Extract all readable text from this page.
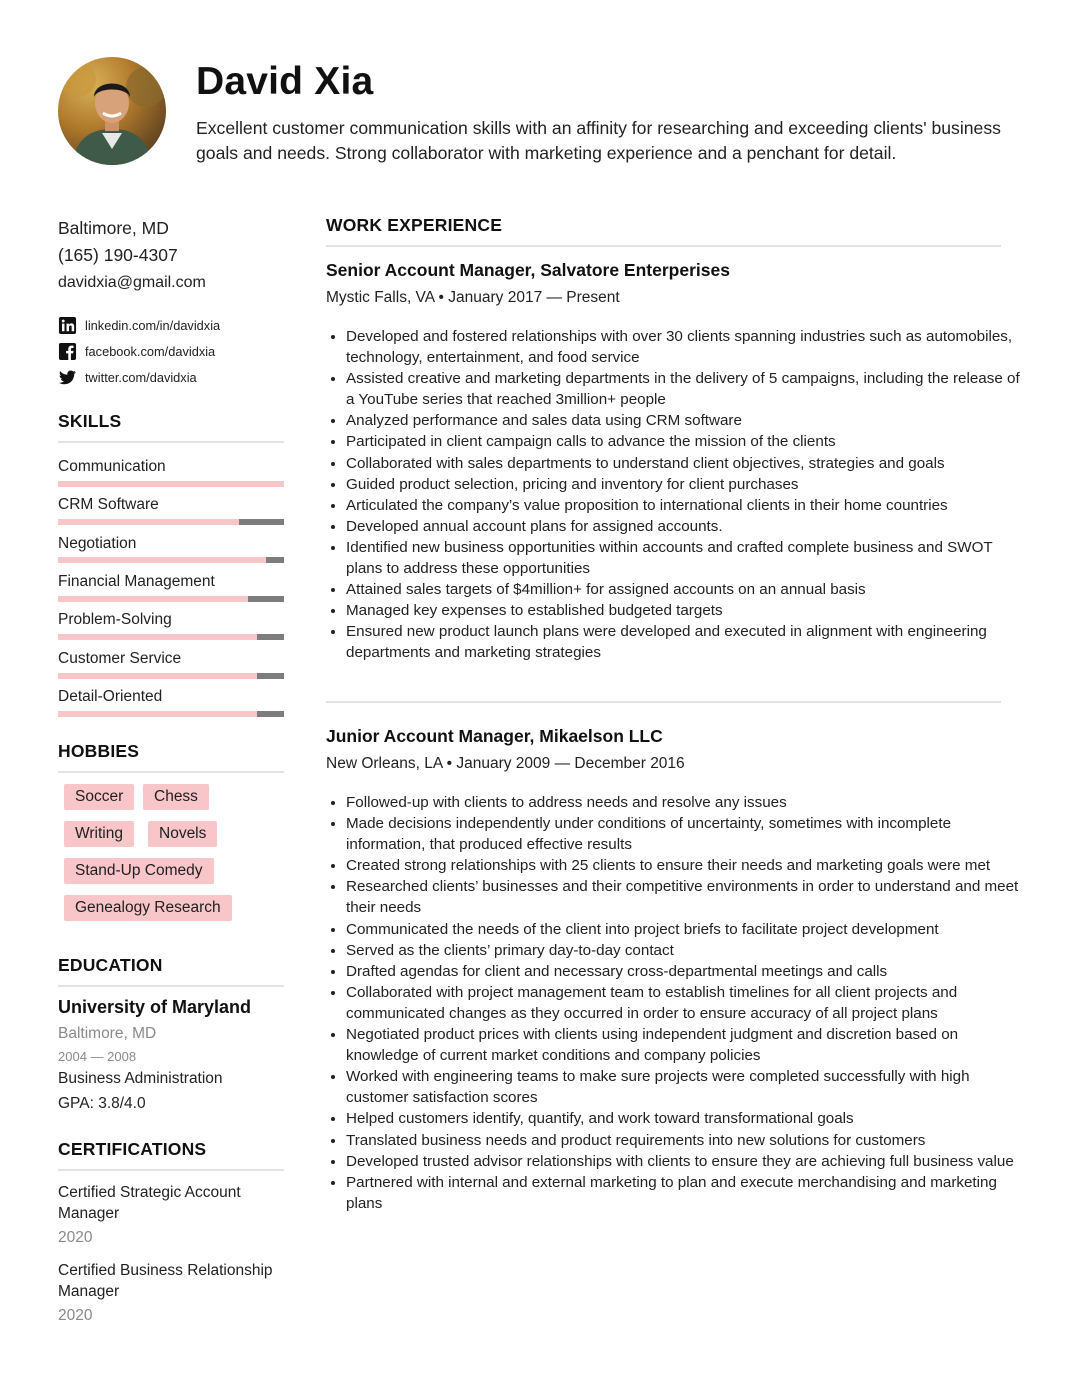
David Xia
Excellent customer communication skills with an affinity for researching and exceeding clients' business goals and needs. Strong collaborator with marketing experience and a penchant for detail.
Baltimore, MD
(165) 190-4307
davidxia@gmail.com
linkedin.com/in/davidxia
facebook.com/davidxia
twitter.com/davidxia
SKILLS
Communication
CRM Software
Negotiation
Financial Management
Problem-Solving
Customer Service
Detail-Oriented
HOBBIES
Soccer	Chess
Writing	Novels
Stand-Up Comedy
Genealogy Research
EDUCATION
University of Maryland
Baltimore, MD
2004 — 2008
Business Administration
GPA: 3.8/4.0
CERTIFICATIONS
Certified Strategic Account Manager
2020
Certified Business Relationship Manager
2020
WORK EXPERIENCE
Senior Account Manager, Salvatore Enterperises
Mystic Falls, VA • January 2017 — Present
• Developed and fostered relationships with over 30 clients spanning industries such as automobiles, technology, entertainment, and food service
• Assisted creative and marketing departments in the delivery of 5 campaigns, including the release of a YouTube series that reached 3million+ people
• Analyzed performance and sales data using CRM software
• Participated in client campaign calls to advance the mission of the clients
• Collaborated with sales departments to understand client objectives, strategies and goals
• Guided product selection, pricing and inventory for client purchases
• Articulated the company’s value proposition to international clients in their home countries
• Developed annual account plans for assigned accounts.
• Identified new business opportunities within accounts and crafted complete business and SWOT plans to address these opportunities
• Attained sales targets of $4million+ for assigned accounts on an annual basis
• Managed key expenses to established budgeted targets
• Ensured new product launch plans were developed and executed in alignment with engineering departments and marketing strategies
Junior Account Manager, Mikaelson LLC
New Orleans, LA • January 2009 — December 2016
• Followed-up with clients to address needs and resolve any issues
• Made decisions independently under conditions of uncertainty, sometimes with incomplete information, that produced effective results
• Created strong relationships with 25 clients to ensure their needs and marketing goals were met
• Researched clients’ businesses and their competitive environments in order to understand and meet their needs
• Communicated the needs of the client into project briefs to facilitate project development
• Served as the clients’ primary day-to-day contact
• Drafted agendas for client and necessary cross-departmental meetings and calls
• Collaborated with project management team to establish timelines for all client projects and communicated changes as they occurred in order to ensure accuracy of all project plans
• Negotiated product prices with clients using independent judgment and discretion based on knowledge of current market conditions and company policies
• Worked with engineering teams to make sure projects were completed successfully with high customer satisfaction scores
• Helped customers identify, quantify, and work toward transformational goals
• Translated business needs and product requirements into new solutions for customers
• Developed trusted advisor relationships with clients to ensure they are achieving full business value
• Partnered with internal and external marketing to plan and execute merchandising and marketing plans
